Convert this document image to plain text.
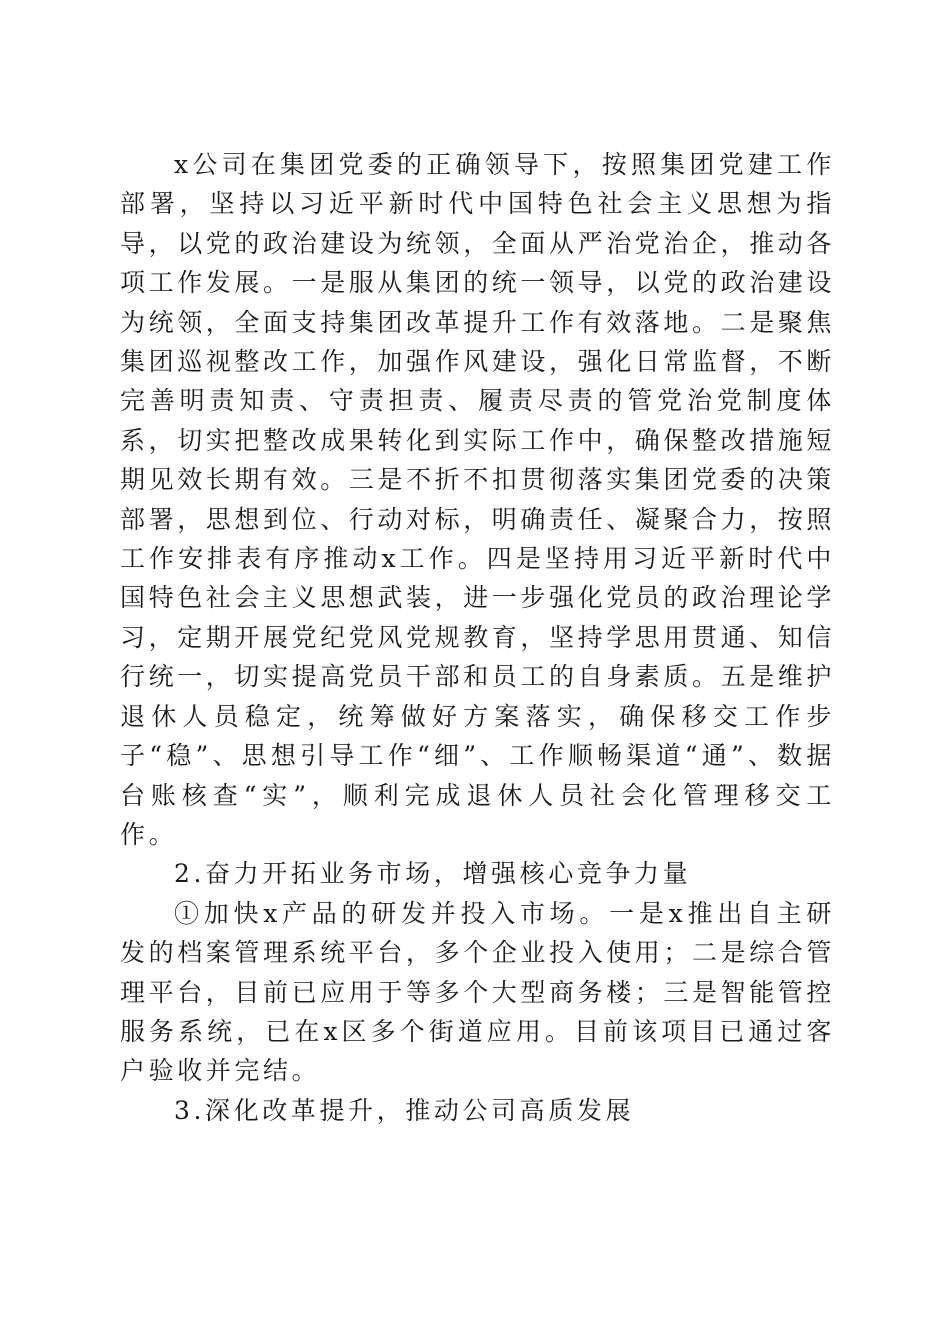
x公司在集团党委的正确领导下，按照集团党建工作部署，坚持以习近平新时代中国特色社会主义思想为指导，以党的政治建设为统领，全面从严治党治企，推动各项工作发展。一是服从集团的统一领导，以党的政治建设为统领，全面支持集团改革提升工作有效落地。二是聚焦集团巡视整改工作，加强作风建设，强化日常监督，不断完善明责知责、守责担责、履责尽责的管党治党制度体系，切实把整改成果转化到实际工作中，确保整改措施短期见效长期有效。三是不折不扣贯彻落实集团党委的决策部署，思想到位、行动对标，明确责任、凝聚合力，按照工作安排表有序推动x工作。四是坚持用习近平新时代中国特色社会主义思想武装，进一步强化党员的政治理论学习，定期开展党纪党风党规教育，坚持学思用贯通、知信行统一，切实提高党员干部和员工的自身素质。五是维护退休人员稳定，统筹做好方案落实，确保移交工作步子“稳”、思想引导工作“细”、工作顺畅渠道“通”、数据台账核查“实”，顺利完成退休人员社会化管理移交工作。

2.奋力开拓业务市场，增强核心竞争力量

①加快x产品的研发并投入市场。一是x推出自主研发的档案管理系统平台，多个企业投入使用；二是综合管理平台，目前已应用于等多个大型商务楼；三是智能管控服务系统，已在x区多个街道应用。目前该项目已通过客户验收并完结。

3.深化改革提升，推动公司高质发展
